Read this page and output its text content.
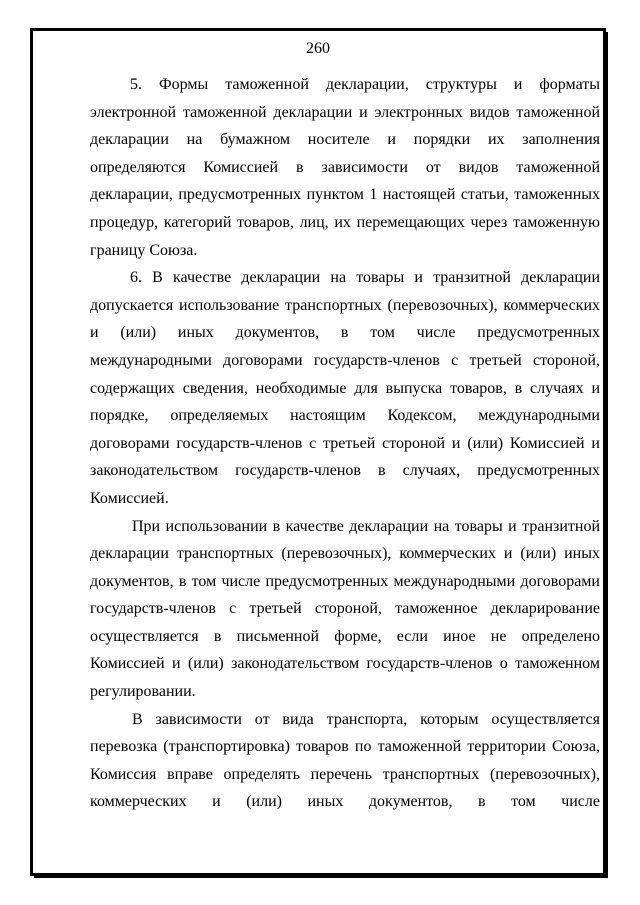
260

5. Формы таможенной декларации, структуры и форматы электронной таможенной декларации и электронных видов таможенной декларации на бумажном носителе и порядки их заполнения определяются Комиссией в зависимости от видов таможенной декларации, предусмотренных пунктом 1 настоящей статьи, таможенных процедур, категорий товаров, лиц, их перемещающих через таможенную границу Союза.

6. В качестве декларации на товары и транзитной декларации допускается использование транспортных (перевозочных), коммерческих и (или) иных документов, в том числе предусмотренных международными договорами государств-членов с третьей стороной, содержащих сведения, необходимые для выпуска товаров, в случаях и порядке, определяемых настоящим Кодексом, международными договорами государств-членов с третьей стороной и (или) Комиссией и законодательством государств-членов в случаях, предусмотренных Комиссией.

При использовании в качестве декларации на товары и транзитной декларации транспортных (перевозочных), коммерческих и (или) иных документов, в том числе предусмотренных международными договорами государств-членов с третьей стороной, таможенное декларирование осуществляется в письменной форме, если иное не определено Комиссией и (или) законодательством государств-членов о таможенном регулировании.

В зависимости от вида транспорта, которым осуществляется перевозка (транспортировка) товаров по таможенной территории Союза, Комиссия вправе определять перечень транспортных (перевозочных), коммерческих и (или) иных документов, в том числе
